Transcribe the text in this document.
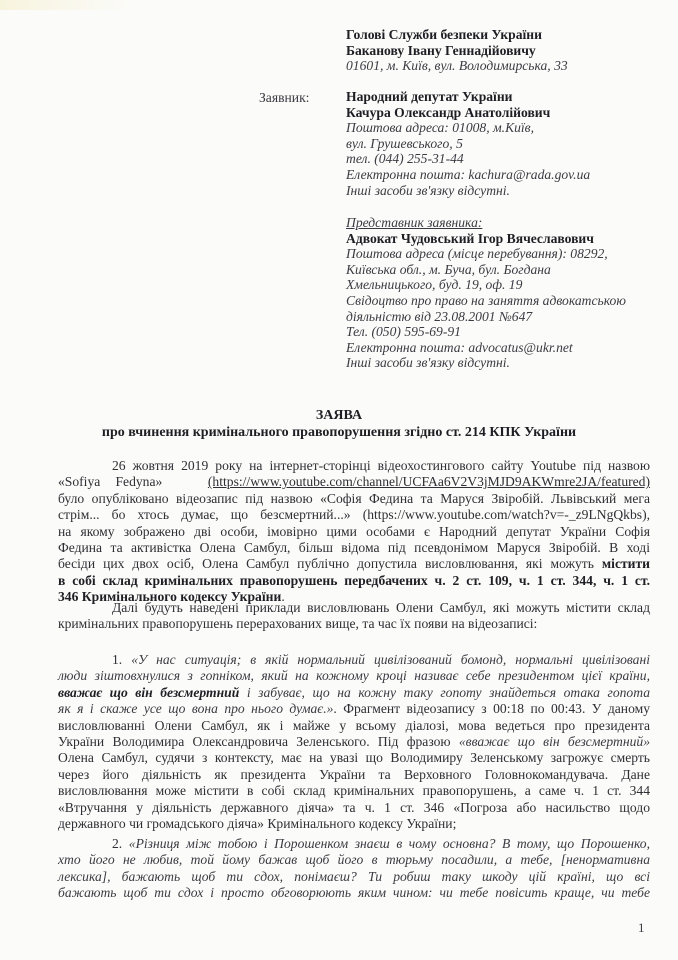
Голові Служби безпеки України
Баканову Івану Геннадійовичу
01601, м. Київ, вул. Володимирська, 33
Заявник:	Народний депутат України
Качура Олександр Анатолійович
Поштова адреса: 01008, м.Київ,
вул. Грушевського, 5
тел. (044) 255-31-44
Електронна пошта: kachura@rada.gov.ua
Інші засоби зв'язку відсутні.
Представник заявника:
Адвокат Чудовський Ігор Вячеславович
Поштова адреса (місце перебування): 08292,
Київська обл., м. Буча, бул. Богдана
Хмельницького, буд. 19, оф. 19
Свідоцтво про право на заняття адвокатською
діяльністю від 23.08.2001 №647
Тел. (050) 595-69-91
Електронна пошта: advocatus@ukr.net
Інші засоби зв'язку відсутні.
ЗАЯВА
про вчинення кримінального правопорушення згідно ст. 214 КПК України
26 жовтня 2019 року на інтернет-сторінці відеохостингового сайту Youtube під назвою
«Sofiya Fedyna»	(https://www.youtube.com/channel/UCFAa6V2V3jMJD9AKWmre2JA/featured)
було опубліковано відеозапис під назвою «Софія Федина та Маруся Звіробій. Львівський мега
стрім... бо хтось думає, що безсмертний...» (https://www.youtube.com/watch?v=-_z9LNgQkbs),
на якому зображено дві особи, імовірно цими особами є Народний депутат України Софія
Федина та активістка Олена Самбул, більш відома під псевдонімом Маруся Звіробій. В ході
бесіди цих двох осіб, Олена Самбул публічно допустила висловлювання, які можуть містити
в собі склад кримінальних правопорушень передбачених ч. 2 ст. 109, ч. 1 ст. 344, ч. 1 ст.
346 Кримінального кодексу України.
Далі будуть наведені приклади висловлювань Олени Самбул, які можуть містити склад
кримінальних правопорушень перерахованих вище, та час їх появи на відеозаписі:
1. «У нас ситуація; в якій нормальний цивілізований бомонд, нормальні цивілізовані
люди зіштовхнулися з гопніком, який на кожному кроці називає себе президентом цієї країни,
вважає що він безсмертний і забуває, що на кожну таку гопоту знайдеться отака гопота
як я і скаже усе що вона про нього думає.». Фрагмент відеозапису з 00:18 по 00:43. У даному
висловлюванні Олени Самбул, як і майже у всьому діалозі, мова ведеться про президента
України Володимира Олександровича Зеленського. Під фразою «вважає що він безсмертний»
Олена Самбул, судячи з контексту, має на увазі що Володимиру Зеленському загрожує смерть
через його діяльність як президента України та Верховного Головнокомандувача. Дане
висловлювання може містити в собі склад кримінальних правопорушень, а саме ч. 1 ст. 344
«Втручання у діяльність державного діяча» та ч. 1 ст. 346 «Погроза або насильство щодо
державного чи громадського діяча» Кримінального кодексу України;
2. «Різниця між тобою і Порошенком знаєш в чому основна? В тому, що Порошенко,
хто його не любив, той йому бажав щоб його в тюрьму посадили, а тебе, [ненормативна
лексика], бажають щоб ти сдох, понімаєш? Ти робиш таку шкоду цій країні, що всі
бажають щоб ти сдох і просто обговорюють яким чином: чи тебе повісить краще, чи тебе
1
